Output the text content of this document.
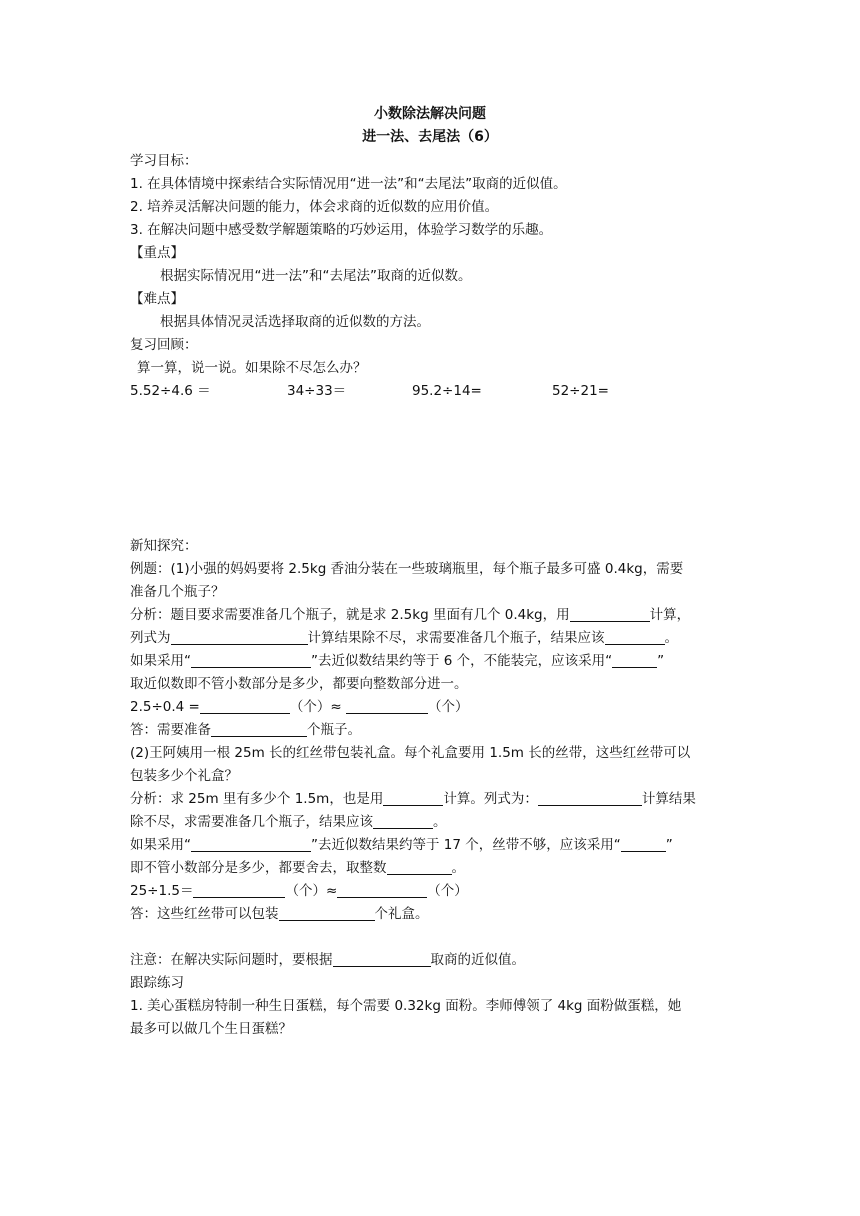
小数除法解决问题
进一法、去尾法（6）
学习目标：
1. 在具体情境中探索结合实际情况用“进一法”和“去尾法”取商的近似值。
2. 培养灵活解决问题的能力，体会求商的近似数的应用价值。
3. 在解决问题中感受数学解题策略的巧妙运用，体验学习数学的乐趣。
【重点】
根据实际情况用“进一法”和“去尾法”取商的近似数。
【难点】
根据具体情况灵活选择取商的近似数的方法。
复习回顾：
算一算，说一说。如果除不尽怎么办？
5.52÷4.6 ＝	34÷33＝	95.2÷14=	52÷21=
新知探究：
例题：(1)小强的妈妈要将 2.5kg 香油分装在一些玻璃瓶里，每个瓶子最多可盛 0.4kg，需要
准备几个瓶子？
分析：题目要求需要准备几个瓶子，就是求 2.5kg 里面有几个 0.4kg，用	计算，
列式为	计算结果除不尽，求需要准备几个瓶子，结果应该	。
如果采用“	”去近似数结果约等于 6 个，不能装完，应该采用“	”
取近似数即不管小数部分是多少，都要向整数部分进一。
2.5÷0.4 =	（个）≈	（个）
答：需要准备	个瓶子。
(2)王阿姨用一根 25m 长的红丝带包装礼盒。每个礼盒要用 1.5m 长的丝带，这些红丝带可以
包装多少个礼盒？
分析：求 25m 里有多少个 1.5m，也是用	计算。列式为：	计算结果
除不尽，求需要准备几个瓶子，结果应该	。
如果采用“	”去近似数结果约等于 17 个，丝带不够，应该采用“	”
即不管小数部分是多少，都要舍去，取整数	。
25÷1.5＝	（个）≈	（个）
答：这些红丝带可以包装	个礼盒。
注意：在解决实际问题时，要根据	取商的近似值。
跟踪练习
1. 美心蛋糕房特制一种生日蛋糕，每个需要 0.32kg 面粉。李师傅领了 4kg 面粉做蛋糕，她
最多可以做几个生日蛋糕？
